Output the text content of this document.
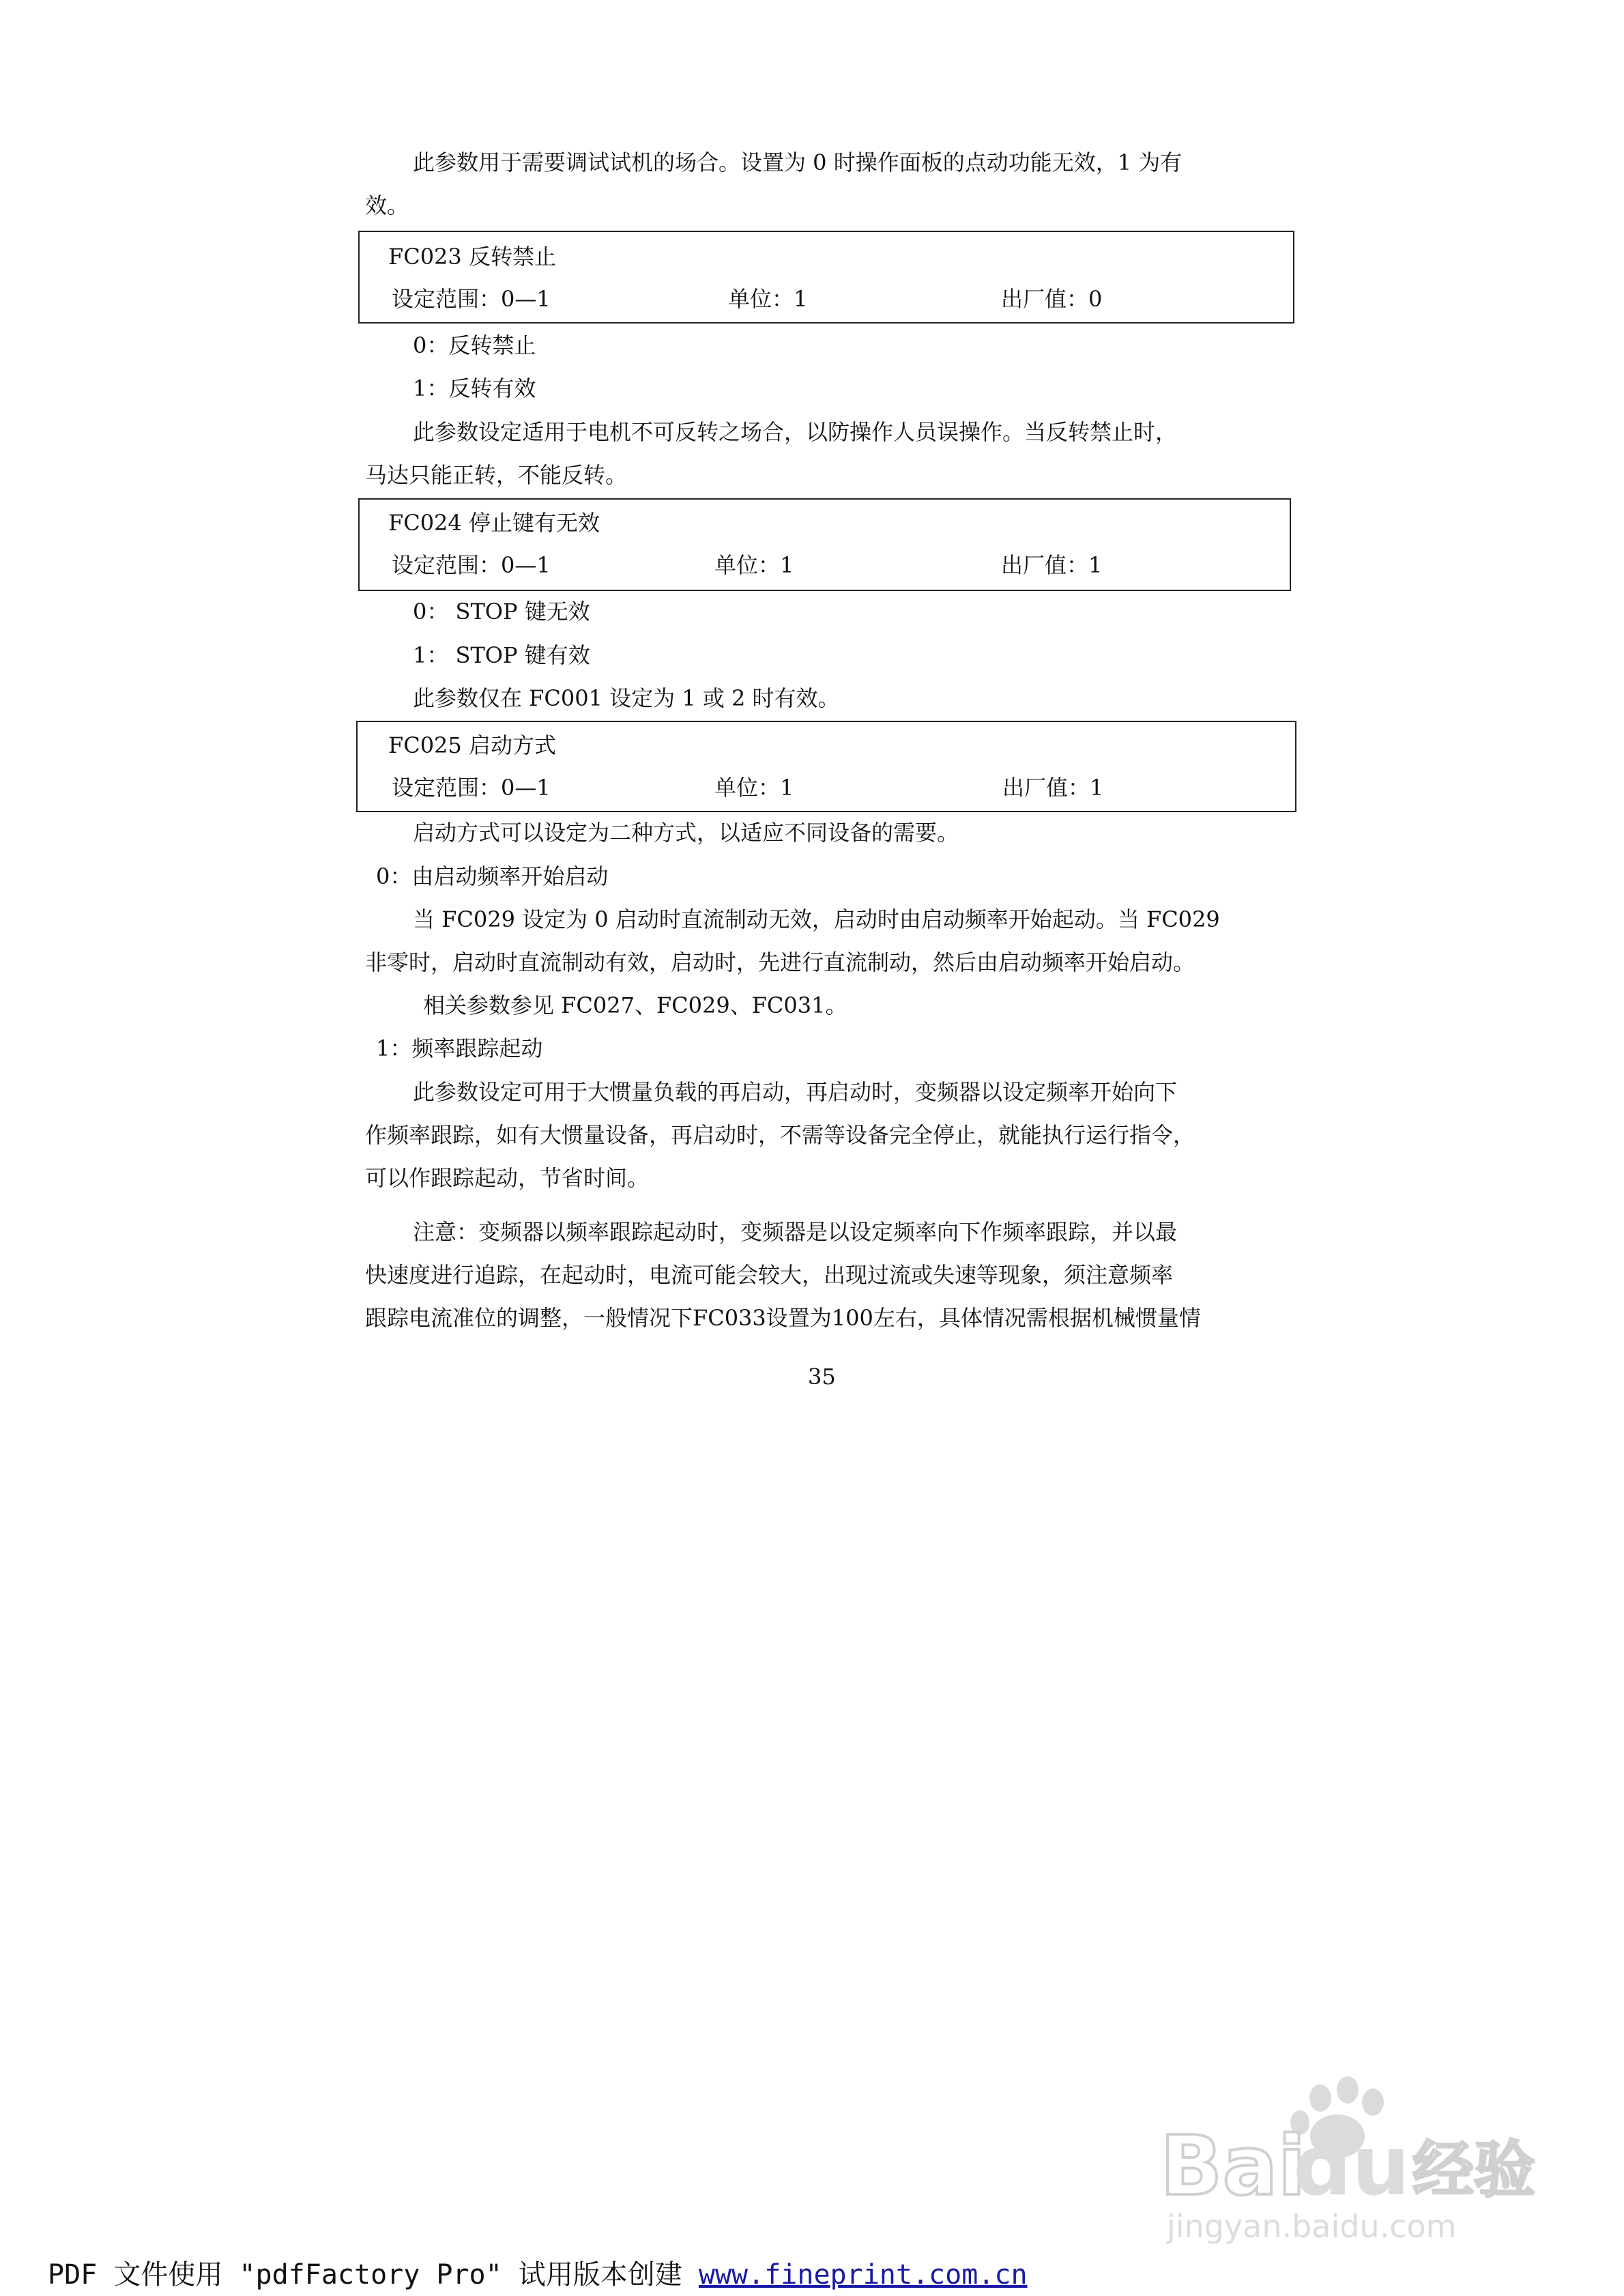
此参数用于需要调试试机的场合。设置为 0 时操作面板的点动功能无效，1 为有
效。
FC023 反转禁止
设定范围：0—1	单位：1	出厂值：0
0：反转禁止
1：反转有效
此参数设定适用于电机不可反转之场合，以防操作人员误操作。当反转禁止时，
马达只能正转，不能反转。
FC024 停止键有无效
设定范围：0—1	单位：1	出厂值：1
0： STOP 键无效
1： STOP 键有效
此参数仅在 FC001 设定为 1 或 2 时有效。
FC025 启动方式
设定范围：0—1	单位：1	出厂值：1
启动方式可以设定为二种方式，以适应不同设备的需要。
0：由启动频率开始启动
当 FC029 设定为 0 启动时直流制动无效，启动时由启动频率开始起动。当 FC029
非零时，启动时直流制动有效，启动时，先进行直流制动，然后由启动频率开始启动。
相关参数参见 FC027、FC029、FC031。
1：频率跟踪起动
此参数设定可用于大惯量负载的再启动，再启动时，变频器以设定频率开始向下
作频率跟踪，如有大惯量设备，再启动时，不需等设备完全停止，就能执行运行指令，
可以作跟踪起动，节省时间。
注意：变频器以频率跟踪起动时，变频器是以设定频率向下作频率跟踪，并以最
快速度进行追踪，在起动时，电流可能会较大，出现过流或失速等现象，须注意频率
跟踪电流准位的调整，一般情况下FC033设置为100左右，具体情况需根据机械惯量情
35
Bai
du 经验
jingyan.baidu.com
PDF 文件使用 "pdfFactory Pro" 试用版本创建 www.fineprint.com.cn
